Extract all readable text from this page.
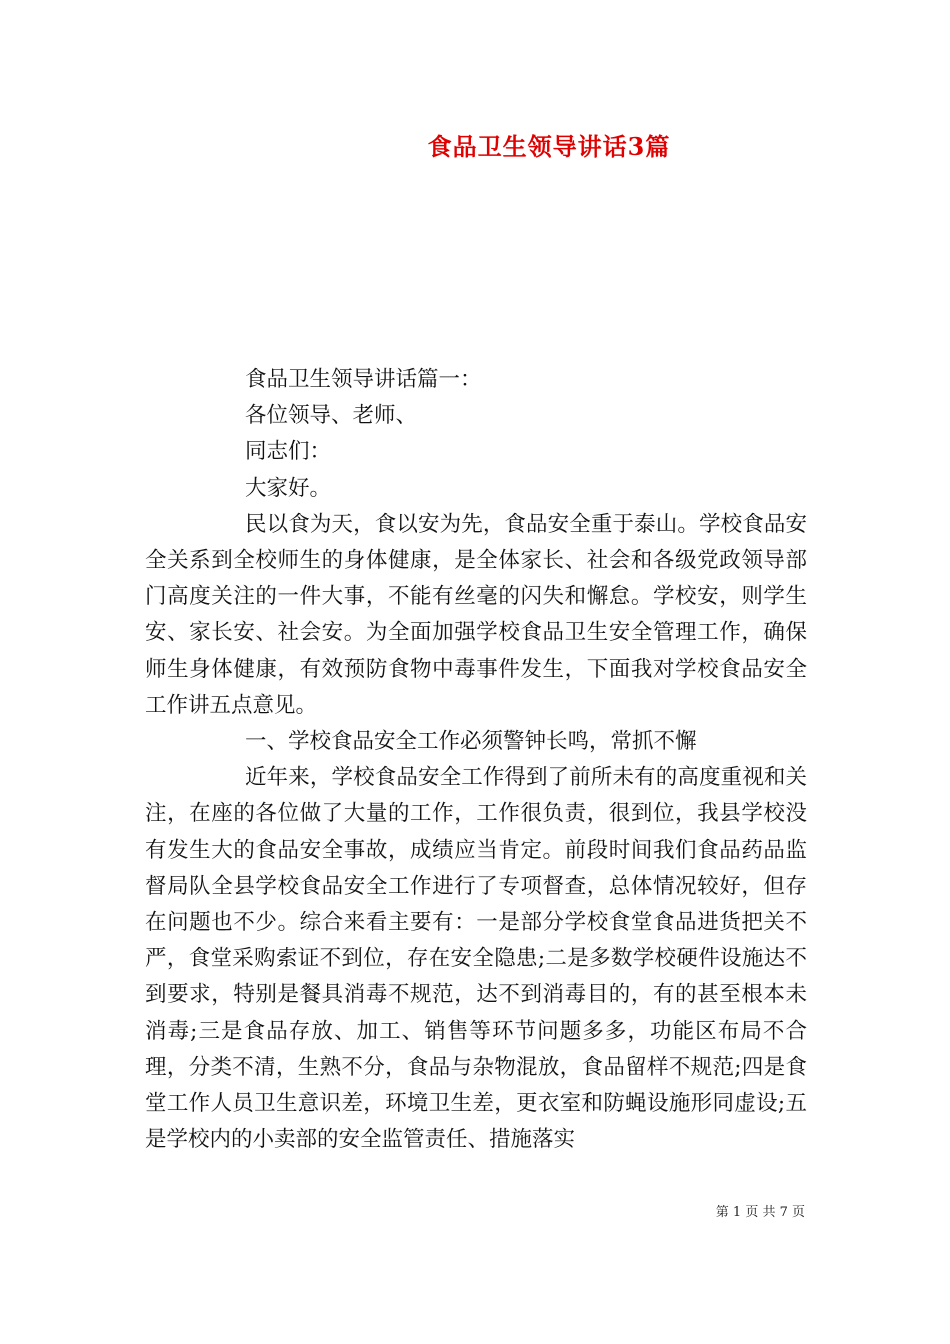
食品卫生领导讲话3篇

食品卫生领导讲话篇一：

各位领导、老师、

同志们：

大家好。

民以食为天，食以安为先，食品安全重于泰山。学校食品安全关系到全校师生的身体健康，是全体家长、社会和各级党政领导部门高度关注的一件大事，不能有丝毫的闪失和懈怠。学校安，则学生安、家长安、社会安。为全面加强学校食品卫生安全管理工作，确保师生身体健康，有效预防食物中毒事件发生，下面我对学校食品安全工作讲五点意见。

一、学校食品安全工作必须警钟长鸣，常抓不懈

近年来，学校食品安全工作得到了前所未有的高度重视和关注，在座的各位做了大量的工作，工作很负责，很到位，我县学校没有发生大的食品安全事故，成绩应当肯定。前段时间我们食品药品监督局队全县学校食品安全工作进行了专项督查，总体情况较好，但存在问题也不少。综合来看主要有：一是部分学校食堂食品进货把关不严，食堂采购索证不到位，存在安全隐患;二是多数学校硬件设施达不到要求，特别是餐具消毒不规范，达不到消毒目的，有的甚至根本未消毒;三是食品存放、加工、销售等环节问题多多，功能区布局不合理，分类不清，生熟不分，食品与杂物混放，食品留样不规范;四是食堂工作人员卫生意识差，环境卫生差，更衣室和防蝇设施形同虚设;五是学校内的小卖部的安全监管责任、措施落实

第 1 页 共 7 页
